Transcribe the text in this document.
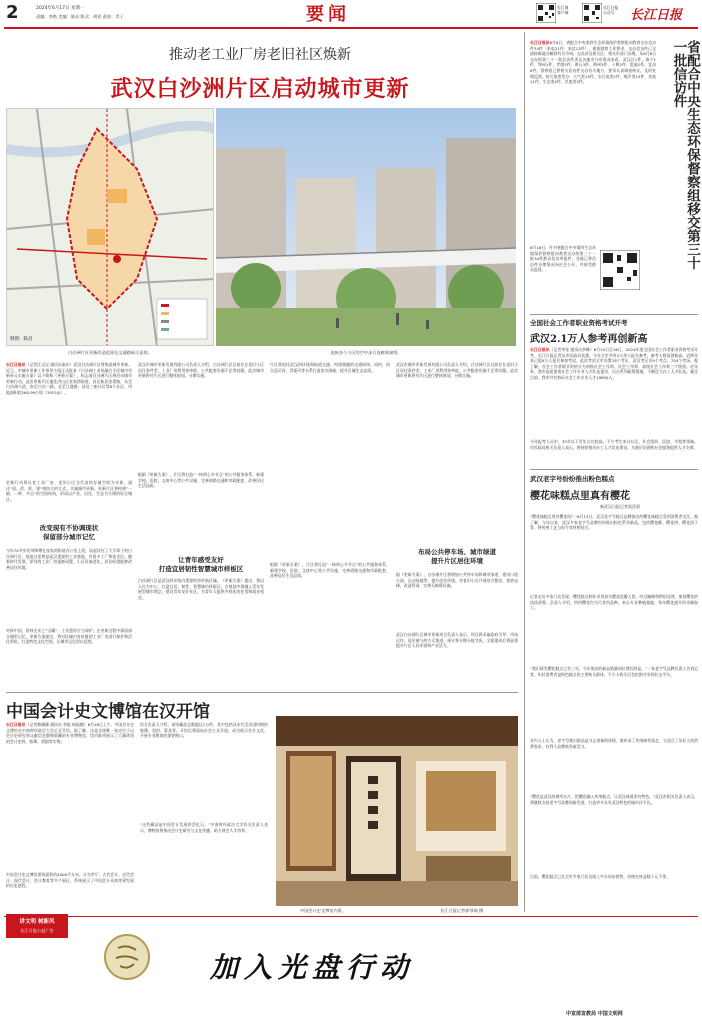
2	2024年6月17日 星期一
责编：李艳 美编：陈昌 版式：胡祥 责校：青子	要闻	长江网
客户端
长江日报
公众号	长江日报
推动老工业厂房老旧社区焕新
武汉白沙洲片区启动城市更新
制图：陈昌
白沙洲片区更新改造范围及交通路网示意图。	连接各个小区的空中步行连廊效果图。
长江日报讯（记者汪文汉 通讯员霍东）武汉白沙洲片区将推进城市更新。近日，市城市更新工作领导小组正式批复《白沙洲工业风融合半径城市更新单元实施方案》以下简称《更新方案》，标志着白沙洲片区将启动城市更新行动。此次更新片区地处洪山区张家湾街道，西至新武金堤路，东至白沙洲大道，南至白沙二路，北至江盛路，涉及三座社区等8个社区，用地面积约260.99公顷（3915亩）。
更新行动将以老工业厂房、老旧小区为代表的存量空间为对象，通过“留、改、拆、建”相结合的方式，实施城市更新。更新片区将构建“一轴、一带、多点”的空间结构，形成以产业、居住、生态为支撑的综合城区。
改变现有不协调现状
保留部分城市记忆
今年70多岁的刘师傅在张家湾街道办公室上班，谈起居住了大半辈子的白沙洲片区，他说这里曾是武汉重要的工业基地，有很多工厂和宿舍区。随着时代发展，原有的工业厂房逐渐闲置，小区设施老化，居民盼望能够改善居住环境。
对探中国，资料企业之“宝藏”、工业遗存应当保护，在更新过程中保留部分城市记忆。更新方案提出，将对区域内有价值的工业厂房进行保护和活化利用，打造特色文化空间，让城市记忆得以延续。
武汉市城市更新发展有限公司负责人介绍，白沙洲片区目前存在老旧小区居住条件差、工业厂房利用效率低、公共配套设施不足等问题。此次城市更新将对片区进行整体规划，分期实施。
根据《更新方案》，片区将打造“一核两心多节点”的公共服务体系，新建学校、医院、文体中心等公共设施，完善道路交通和市政配套，改善居民生活品质。
让青年感受友好
打造宜居韧性智慧城市样板区
白沙洲片区是武汉四环线内重要的待更新区域。《更新方案》提出，将以人民为中心，打造宜居、韧性、智慧城市样板区。在规划中将融入青年发展型城市理念，建设青年友好社区，为青年人提供多样化的住房和就业机会。
片区将依托武汉四环线和轨道交通，构建便捷的交通网络。同时，结合巡司河、青菱河等水系打造滨水绿廊，提升区域生态品质。
根据《更新方案》，片区将打造“一核两心多节点”的公共服务体系，新建学校、医院、文体中心等公共设施，完善道路交通和市政配套，改善居民生活品质。
武汉市城市更新发展有限公司负责人介绍，白沙洲片区目前存在老旧小区居住条件差、工业厂房利用效率低、公共配套设施不足等问题。此次城市更新将对片区进行整体规划，分期实施。
布局公共停车场、城市绿道
提升片区居住环境
据《更新方案》，白沙洲片区将增加公共停车场和城市绿道，建设口袋公园、运动场地等，提升居住环境。对老旧小区开展综合整治，加装电梯，改造管网，完善无障碍设施。
武汉白沙洲片区城市更新项目负责人表示，项目将采取政府引导、市场运作、居民参与的方式推进，预计将分期分批完成，全面建成后将显著提升片区人居环境和产业活力。
中国会计史文博馆在汉开馆
长江日报讯（记者韩珊珊 通讯员 李振 杨振娥）6月16日上午，中国会计史文博馆在中南财经政法大学正式开馆。据了解，这是全球唯一家定位于以会计史研究和文献信息整理收藏的专业博物馆，馆内陈列展示了大量珍贵的会计史料、账簿、票据等实物。
中国会计史文博馆建筑面积约4000平方米，分为序厅、古代会计、近代会计、现代会计、会计教育等多个展区，系统展示了中国会计从萌芽到发展的历史进程。
馆方负责人介绍，该馆藏品总数超过1万件，其中包括从宋代至民国时期的账簿、契约、算具等。开馆后将面向社会公众开放，成为展示会计文化、开展专业教育的重要窗口。
“这些藏品是中国会计发展的活化石。”中南财经政法大学有关负责人表示，博物馆将推动会计史研究与文化传播，助力财会人才培养。
中国会计史文博馆内景。	长江日报记者郭琴瑞 摄
讲文明 树新风
长江日报公益广告
加入光盘行动
中宣部宣教局 中国文明网
长江日报讯6月8日，省配合中央第四生态环境保护督察组向我省交办信访件34件（来电21件，来信13件）。根据督察工作要求，交办信访件已全部按属地分解到有关市州，交办涉及相关区、相关市部门办理。从6月8日交办的第三十一批信访件涉及各地市分布情况来看，武汉区1件、咸宁1件、鄂州1件，孝感3件、黄石3件、荆州3件、十堰2件、恩施2件、宜昌6件。督察组已将相关信访件交办有关地方，要求认真调查核实，及时处理反馈。按污染类型分：大气类13件，水污染类2件，噪声类15件，其他11件，生态类4件，其他类3件。	省配合中央生态环保督察组移交第三十一批信访件
6月16日，针对省配合中央第四生态环境保护督察组向我省交办的第三十一批34件群众信访举报件，各地已将信访件办理情况向社会公开，并接受群众监督。
全国社会工作者职业资格考试开考
武汉2.1万人参考再创新高
长江日报讯（记者李金 通讯员李峰）6月15日至16日，2024年度全国社会工作者职业资格考试开考，长江日报记者从市民政局获悉，今年全市共有2万余人报名参考，参考人数再创新高。近两年来已超4万人报名参加考试。此次考试全市设置18个考区，武汉考区设9个考点，704个考场。据了解，社会工作者职业资格分为初级社会工作师、社会工作师、高级社会工作师三个级别。近年来，我市高度重视社会工作专业人才队伍建设，出台系列政策措施，不断壮大社工人才队伍。截至目前，我市共有持证社会工作专业人才19850人。
今年报考人员中，35岁以下青年占比较高，不少考生来自社区、社会组织、医院、学校等领域。市民政局相关负责人表示，将持续推动社工人才队伍建设，为基层治理和社会服务提供人才支撑。
武汉老字号纷纷推出粉色糕点
樱花味糕点里真有樱花
新武汉日报记者叙沃骄
“樱花味糕点里有樱花吗？”6月13日，武汉老字号糕点品牌推出的樱花味糕点受到消费者关注。据了解，今年以来，武汉多家老字号品牌纷纷推出粉色系列新品，包括樱花酥、樱花饼、樱花团子等，将传统工艺与时令食材相结合。
记者走访多家门店发现，樱花糕点制作采用真实樱花花瓣入馅，经过腌制和烘焙处理，保留樱花的淡淡清香。负责人介绍，所用樱花均为可食用品种，来自专业种植基地，每年樱花盛开时采摘加工。
“我们研发樱花糕点已有三年，今年推出的新品销量同比增长明显。”一家老字号品牌负责人告诉记者，年轻消费者是粉色糕点的主要购买群体，不少人购买后会拍照分享到社交平台。
业内人士认为，老字号推出新品是守正创新的体现，既传承了传统制作技艺，又迎合了年轻人的消费需求，有利于品牌焕发新活力。
“樱花是武汉的城市名片，把樱花融入传统糕点，让武汉味道更有特色。”武汉市相关负责人表示，将继续支持老字号品牌创新发展，打造更多具有武汉特色的城市伴手礼。
目前，樱花糕点已在全市多家门店及线上平台同步销售，价格在每盒数十元不等。
